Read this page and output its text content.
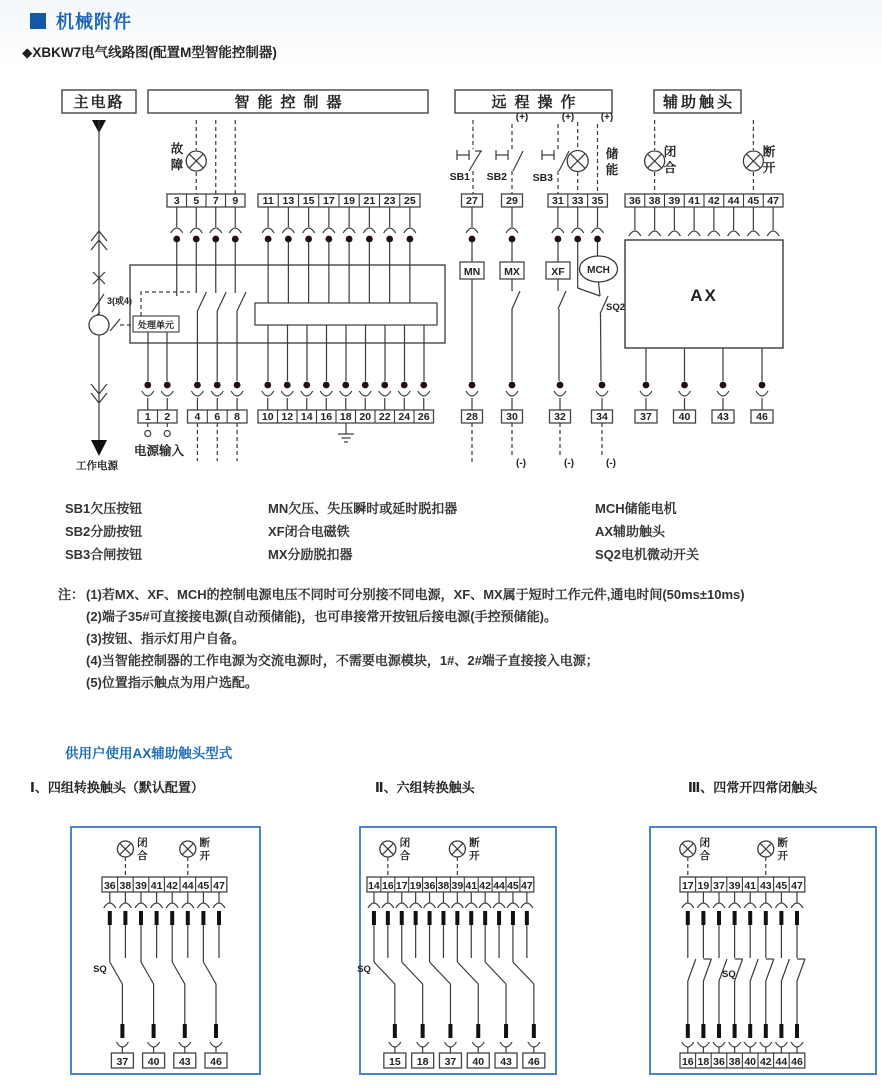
主电路	智能控制器	远程操作	辅助触头
3(或4)
工作电源
3 5 7 9 11 13 15 17 19 21 23 25
故
障
处理单元
1 2 4 6 8 10 12 14 16 18 20 22 24 26
电源输入
27	29	31 33 35
(+)	(+)	(+)
SB1 SB2 SB3
储
能
MN MX	XF MCH
SQ2
28	30	32	34
(-)	(-)	(-)
36 38 39 41 42 44 45 47
闭
合
断
开
AX
37	40	43	46
36 38 39 41 42 44 45 47
闭
合
断
开
SQ
37 40 43 46
14 16 17 19 36 38 39 41 42 44 45 47
闭
合
断
开
SQ
15 18 37 40 43 46
17 19 37 39 41 43 45 47
闭
合
断
开
SQ
16 18 36 38 40 42 44 46
机械附件
◆XBKW7电气线路图(配置M型智能控制器)
SB1欠压按钮
SB2分励按钮
SB3合闸按钮
MN欠压、失压瞬时或延时脱扣器
XF闭合电磁铁
MX分励脱扣器
MCH储能电机
AX辅助触头
SQ2电机微动开关
注： (1)若MX、XF、MCH的控制电源电压不同时可分别接不同电源，XF、MX属于短时工作元件,通电时间(50ms±10ms)
(2)端子35#可直接接电源(自动预储能)，也可串接常开按钮后接电源(手控预储能)。
(3)按钮、指示灯用户自备。
(4)当智能控制器的工作电源为交流电源时，不需要电源模块，1#、2#端子直接接入电源；
(5)位置指示触点为用户选配。
供用户使用AX辅助触头型式
Ⅰ、四组转换触头（默认配置）	Ⅱ、六组转换触头	Ⅲ、四常开四常闭触头
